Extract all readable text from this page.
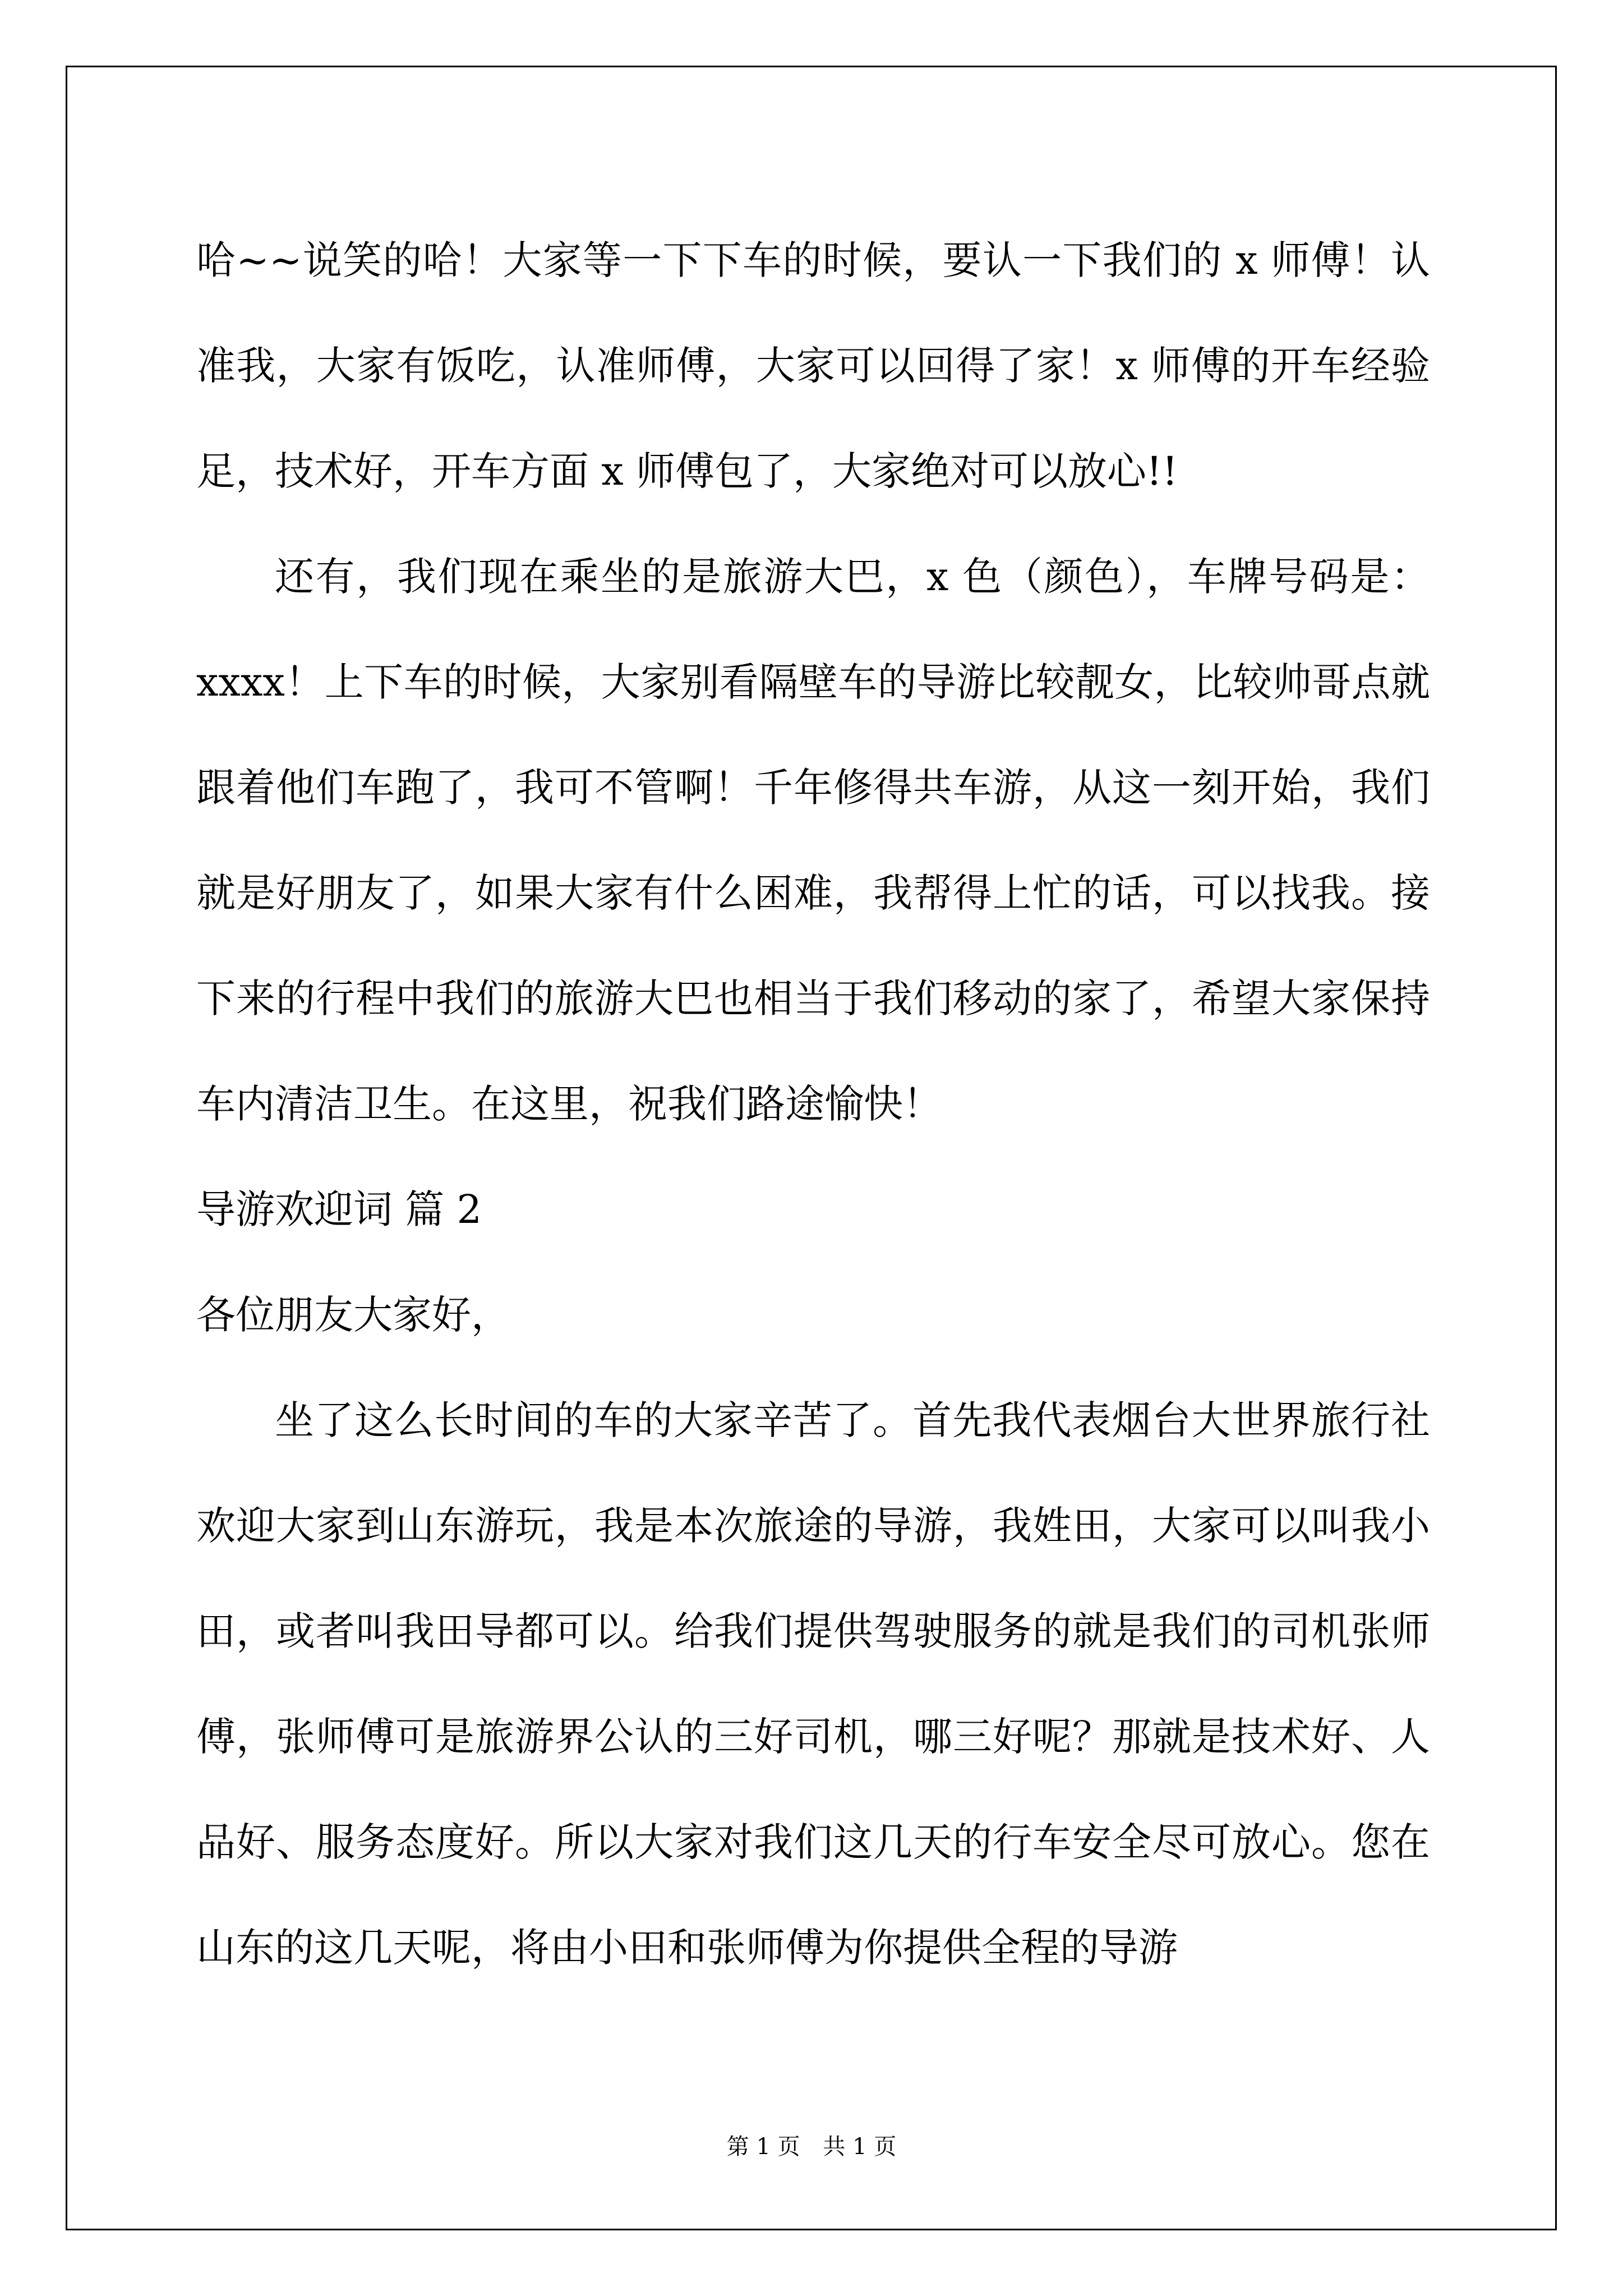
哈~~说笑的哈！大家等一下下车的时候，要认一下我们的 x 师傅！认准我，大家有饭吃，认准师傅，大家可以回得了家！x 师傅的开车经验足，技术好，开车方面 x 师傅包了，大家绝对可以放心!!

还有，我们现在乘坐的是旅游大巴，x 色（颜色），车牌号码是：xxxx！上下车的时候，大家别看隔壁车的导游比较靓女，比较帅哥点就跟着他们车跑了，我可不管啊！千年修得共车游，从这一刻开始，我们就是好朋友了，如果大家有什么困难，我帮得上忙的话，可以找我。接下来的行程中我们的旅游大巴也相当于我们移动的家了，希望大家保持车内清洁卫生。在这里，祝我们路途愉快！

导游欢迎词 篇 2

各位朋友大家好，

坐了这么长时间的车的大家辛苦了。首先我代表烟台大世界旅行社欢迎大家到山东游玩，我是本次旅途的导游，我姓田，大家可以叫我小田，或者叫我田导都可以。给我们提供驾驶服务的就是我们的司机张师傅，张师傅可是旅游界公认的三好司机，哪三好呢？那就是技术好、人品好、服务态度好。所以大家对我们这几天的行车安全尽可放心。您在山东的这几天呢，将由小田和张师傅为你提供全程的导游

第 1 页 共 1 页
